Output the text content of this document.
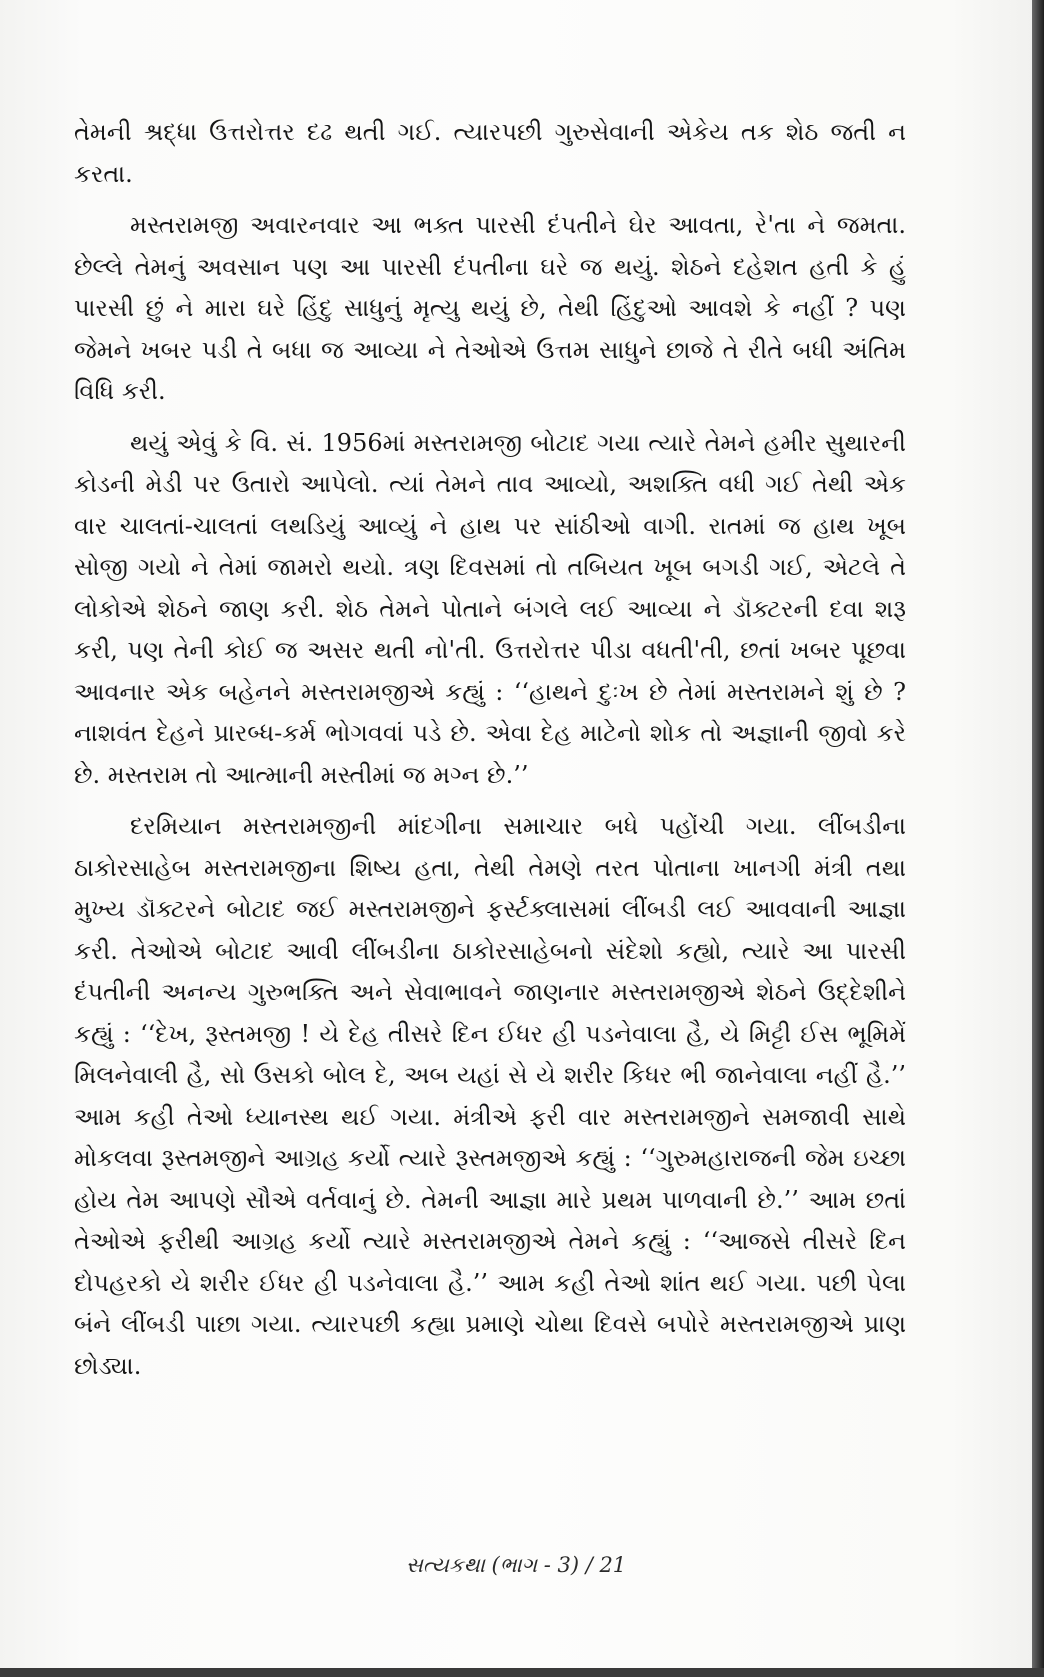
તેમની શ્રદ્ધા ઉત્તરોત્તર દઢ થતી ગઈ. ત્યારપછી ગુરુસેવાની એકેય તક શેઠ જતી ન કરતા.

મસ્તરામજી અવારનવાર આ ભક્ત પારસી દંપતીને ઘેર આવતા, રે'તા ને જમતા. છેલ્લે તેમનું અવસાન પણ આ પારસી દંપતીના ઘરે જ થયું. શેઠને દહેશત હતી કે હું પારસી છું ને મારા ઘરે હિંદુ સાધુનું મૃત્યુ થયું છે, તેથી હિંદુઓ આવશે કે નહીં ? પણ જેમને ખબર પડી તે બધા જ આવ્યા ને તેઓએ ઉત્તમ સાધુને છાજે તે રીતે બધી અંતિમ વિધિ કરી.

થયું એવું કે વિ. સં. 1956માં મસ્તરામજી બોટાદ ગયા ત્યારે તેમને હમીર સુથારની કોડની મેડી પર ઉતારો આપેલો. ત્યાં તેમને તાવ આવ્યો, અશક્તિ વધી ગઈ તેથી એક વાર ચાલતાં-ચાલતાં લથડિયું આવ્યું ને હાથ પર સાંઠીઓ વાગી. રાતમાં જ હાથ ખૂબ સોજી ગયો ને તેમાં જામરો થયો. ત્રણ દિવસમાં તો તબિયત ખૂબ બગડી ગઈ, એટલે તે લોકોએ શેઠને જાણ કરી. શેઠ તેમને પોતાને બંગલે લઈ આવ્યા ને ડૉક્ટરની દવા શરૂ કરી, પણ તેની કોઈ જ અસર થતી નો'તી. ઉત્તરોત્તર પીડા વધતી'તી, છતાં ખબર પૂછવા આવનાર એક બહેનને મસ્તરામજીએ કહ્યું : ‘‘હાથને દુઃખ છે તેમાં મસ્તરામને શું છે ? નાશવંત દેહને પ્રારબ્ધ-કર્મ ભોગવવાં પડે છે. એવા દેહ માટેનો શોક તો અજ્ઞાની જીવો કરે છે. મસ્તરામ તો આત્માની મસ્તીમાં જ મગ્ન છે.’’

દરમિયાન મસ્તરામજીની માંદગીના સમાચાર બધે પહોંચી ગયા. લીંબડીના ઠાકોરસાહેબ મસ્તરામજીના શિષ્ય હતા, તેથી તેમણે તરત પોતાના ખાનગી મંત્રી તથા મુખ્ય ડૉક્ટરને બોટાદ જઈ મસ્તરામજીને ફર્સ્ટક્લાસમાં લીંબડી લઈ આવવાની આજ્ઞા કરી. તેઓએ બોટાદ આવી લીંબડીના ઠાકોરસાહેબનો સંદેશો કહ્યો, ત્યારે આ પારસી દંપતીની અનન્ય ગુરુભક્તિ અને સેવાભાવને જાણનાર મસ્તરામજીએ શેઠને ઉદ્દેશીને કહ્યું : ‘‘દેખ, રૂસ્તમજી ! યે દેહ તીસરે દિન ઈધર હી પડનેવાલા હૈ, યે મિટ્ટી ઈસ ભૂમિમેં મિલનેવાલી હૈ, સો ઉસકો બોલ દે, અબ યહાં સે યે શરીર કિધર ભી જાનેવાલા નહીં હૈ.’’ આમ કહી તેઓ ધ્યાનસ્થ થઈ ગયા. મંત્રીએ ફરી વાર મસ્તરામજીને સમજાવી સાથે મોકલવા રૂસ્તમજીને આગ્રહ કર્યો ત્યારે રૂસ્તમજીએ કહ્યું : ‘‘ગુરુમહારાજની જેમ ઇચ્છા હોય તેમ આપણે સૌએ વર્તવાનું છે. તેમની આજ્ઞા મારે પ્રથમ પાળવાની છે.’’ આમ છતાં તેઓએ ફરીથી આગ્રહ કર્યો ત્યારે મસ્તરામજીએ તેમને કહ્યું : ‘‘આજસે તીસરે દિન દોપહરકો યે શરીર ઈધર હી પડનેવાલા હૈ.’’ આમ કહી તેઓ શાંત થઈ ગયા. પછી પેલા બંને લીંબડી પાછા ગયા. ત્યારપછી કહ્યા પ્રમાણે ચોથા દિવસે બપોરે મસ્તરામજીએ પ્રાણ છોડ્યા.

સત્યકથા (ભાગ - 3) / 21
